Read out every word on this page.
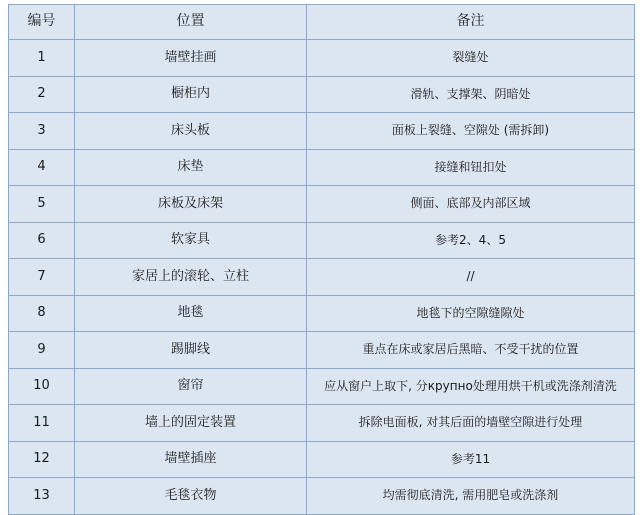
编号	位置	备注
1	墙壁挂画	裂缝处
2	橱柜内	滑轨、支撑架、阴暗处
3	床头板	面板上裂缝、空隙处 (需拆卸)
4	床垫	接缝和钮扣处
5	床板及床架	侧面、底部及内部区域
6	软家具	参考2、4、5
7	家居上的滚轮、立柱	//
8	地毯	地毯下的空隙缝隙处
9	踢脚线	重点在床或家居后黑暗、不受干扰的位置
10	窗帘	应从窗户上取下, 分крупно处理用烘干机或洗涤剂清洗
11	墙上的固定装置	拆除电面板, 对其后面的墙壁空隙进行处理
12	墙壁插座	参考11
13	毛毯衣物	均需彻底清洗, 需用肥皂或洗涤剂
